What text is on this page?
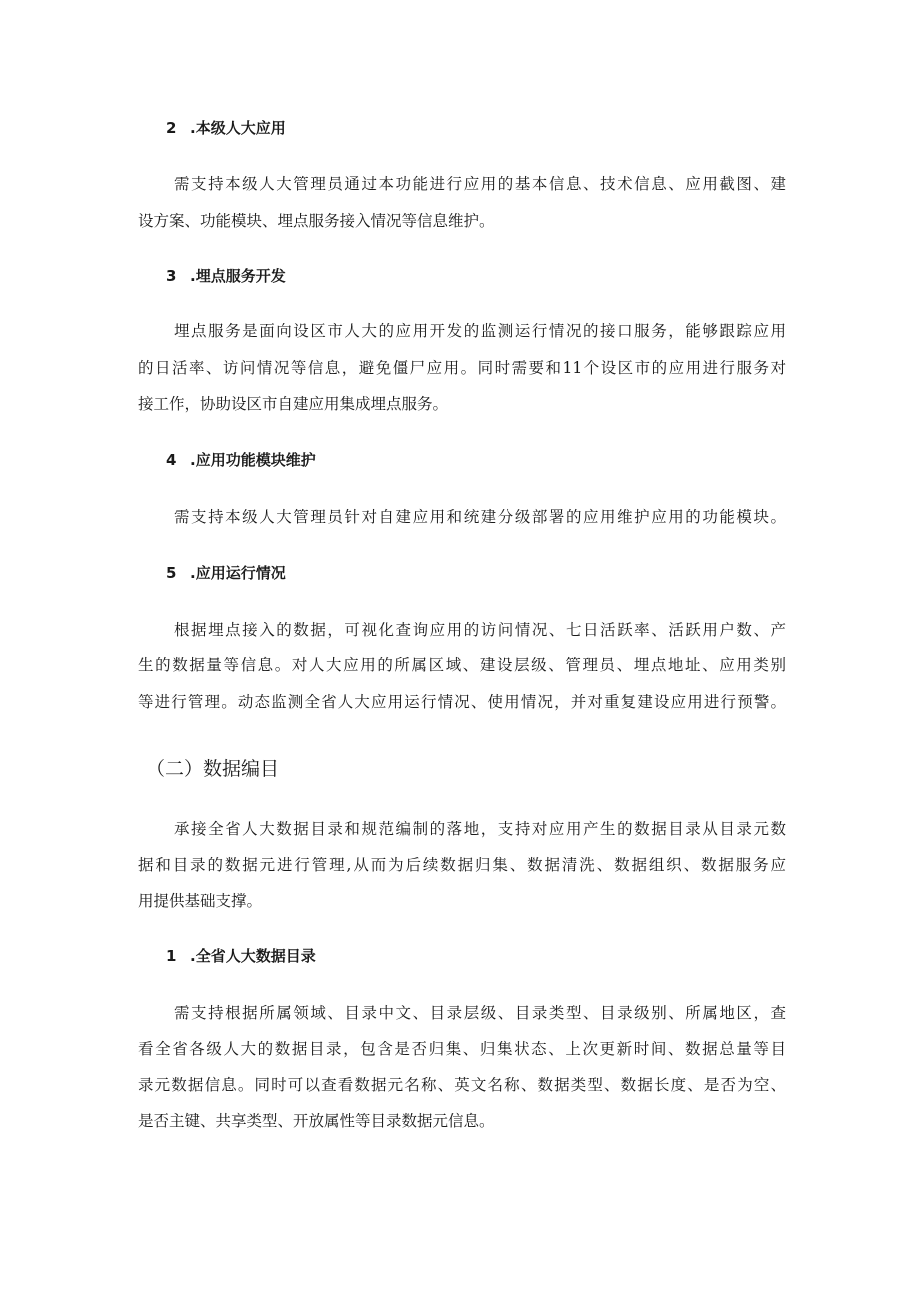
2 .本级人大应用
需支持本级人大管理员通过本功能进行应用的基本信息、技术信息、应用截图、建
设方案、功能模块、埋点服务接入情况等信息维护。
3 .埋点服务开发
埋点服务是面向设区市人大的应用开发的监测运行情况的接口服务，能够跟踪应用
的日活率、访问情况等信息，避免僵尸应用。同时需要和11个设区市的应用进行服务对
接工作，协助设区市自建应用集成埋点服务。
4 .应用功能模块维护
需支持本级人大管理员针对自建应用和统建分级部署的应用维护应用的功能模块。
5 .应用运行情况
根据埋点接入的数据，可视化查询应用的访问情况、七日活跃率、活跃用户数、产
生的数据量等信息。对人大应用的所属区域、建设层级、管理员、埋点地址、应用类别
等进行管理。动态监测全省人大应用运行情况、使用情况，并对重复建设应用进行预警。
（二）数据编目
承接全省人大数据目录和规范编制的落地，支持对应用产生的数据目录从目录元数
据和目录的数据元进行管理,从而为后续数据归集、数据清洗、数据组织、数据服务应
用提供基础支撑。
1 .全省人大数据目录
需支持根据所属领域、目录中文、目录层级、目录类型、目录级别、所属地区，查
看全省各级人大的数据目录，包含是否归集、归集状态、上次更新时间、数据总量等目
录元数据信息。同时可以查看数据元名称、英文名称、数据类型、数据长度、是否为空、
是否主键、共享类型、开放属性等目录数据元信息。
